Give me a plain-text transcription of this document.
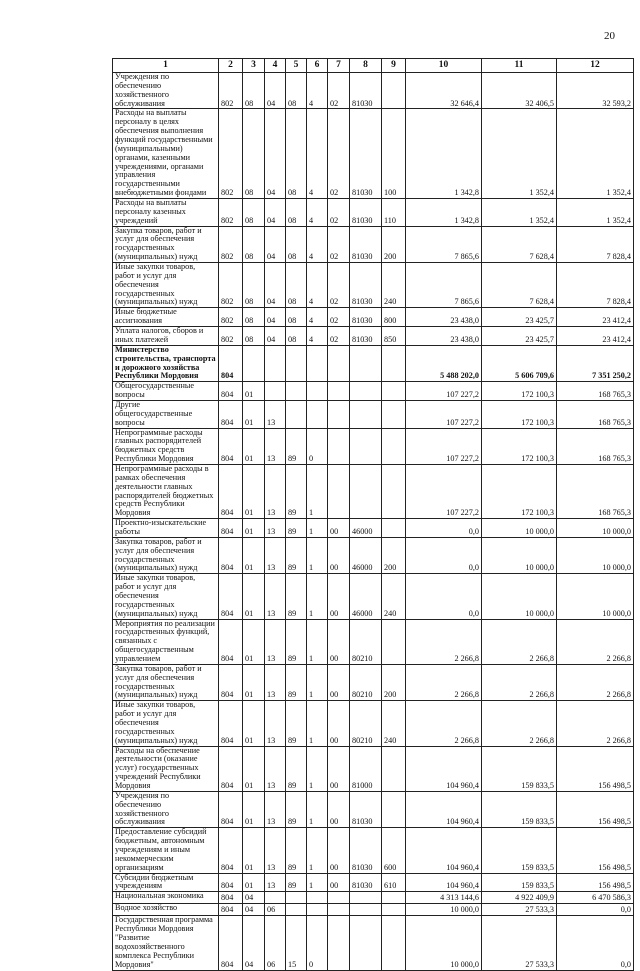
20
1	2	3	4	5	6	7	8	9	10	11	12
Учреждения по обеспечению хозяйственного обслуживания	802	08	04	08	4	02	81030		32 646,4	32 406,5	32 593,2
Расходы на выплаты персоналу в целях обеспечения выполнения функций государственными (муниципальными) органами, казенными учреждениями, органами управления государственными внебюджетными фондами	802	08	04	08	4	02	81030	100	1 342,8	1 352,4	1 352,4
Расходы на выплаты персоналу казенных учреждений	802	08	04	08	4	02	81030	110	1 342,8	1 352,4	1 352,4
Закупка товаров, работ и услуг для обеспечения государственных (муниципальных) нужд	802	08	04	08	4	02	81030	200	7 865,6	7 628,4	7 828,4
Иные закупки товаров, работ и услуг для обеспечения государственных (муниципальных) нужд	802	08	04	08	4	02	81030	240	7 865,6	7 628,4	7 828,4
Иные бюджетные ассигнования	802	08	04	08	4	02	81030	800	23 438,0	23 425,7	23 412,4
Уплата налогов, сборов и иных платежей	802	08	04	08	4	02	81030	850	23 438,0	23 425,7	23 412,4
Министерство строительства, транспорта и дорожного хозяйства Республики Мордовия	804								5 488 202,0	5 606 709,6	7 351 250,2
Общегосударственные вопросы	804	01							107 227,2	172 100,3	168 765,3
Другие общегосударственные вопросы	804	01	13						107 227,2	172 100,3	168 765,3
Непрограммные расходы главных распорядителей бюджетных средств Республики Мордовия	804	01	13	89	0				107 227,2	172 100,3	168 765,3
Непрограммные расходы в рамках обеспечения деятельности главных распорядителей бюджетных средств Республики Мордовия	804	01	13	89	1				107 227,2	172 100,3	168 765,3
Проектно-изыскательские работы	804	01	13	89	1	00	46000		0,0	10 000,0	10 000,0
Закупка товаров, работ и услуг для обеспечения государственных (муниципальных) нужд	804	01	13	89	1	00	46000	200	0,0	10 000,0	10 000,0
Иные закупки товаров, работ и услуг для обеспечения государственных (муниципальных) нужд	804	01	13	89	1	00	46000	240	0,0	10 000,0	10 000,0
Мероприятия по реализации государственных функций, связанных с общегосударственным управлением	804	01	13	89	1	00	80210		2 266,8	2 266,8	2 266,8
Закупка товаров, работ и услуг для обеспечения государственных (муниципальных) нужд	804	01	13	89	1	00	80210	200	2 266,8	2 266,8	2 266,8
Иные закупки товаров, работ и услуг для обеспечения государственных (муниципальных) нужд	804	01	13	89	1	00	80210	240	2 266,8	2 266,8	2 266,8
Расходы на обеспечение деятельности (оказание услуг) государственных учреждений Республики Мордовия	804	01	13	89	1	00	81000		104 960,4	159 833,5	156 498,5
Учреждения по обеспечению хозяйственного обслуживания	804	01	13	89	1	00	81030		104 960,4	159 833,5	156 498,5
Предоставление субсидий бюджетным, автономным учреждениям и иным некоммерческим организациям	804	01	13	89	1	00	81030	600	104 960,4	159 833,5	156 498,5
Субсидии бюджетным учреждениям	804	01	13	89	1	00	81030	610	104 960,4	159 833,5	156 498,5
Национальная экономика	804	04							4 313 144,6	4 922 409,9	6 470 586,3
Водное хозяйство	804	04	06						10 000,0	27 533,3	0,0
Государственная программа Республики Мордовия "Развитие водохозяйственного комплекса Республики Мордовия"	804	04	06	15	0				10 000,0	27 533,3	0,0
